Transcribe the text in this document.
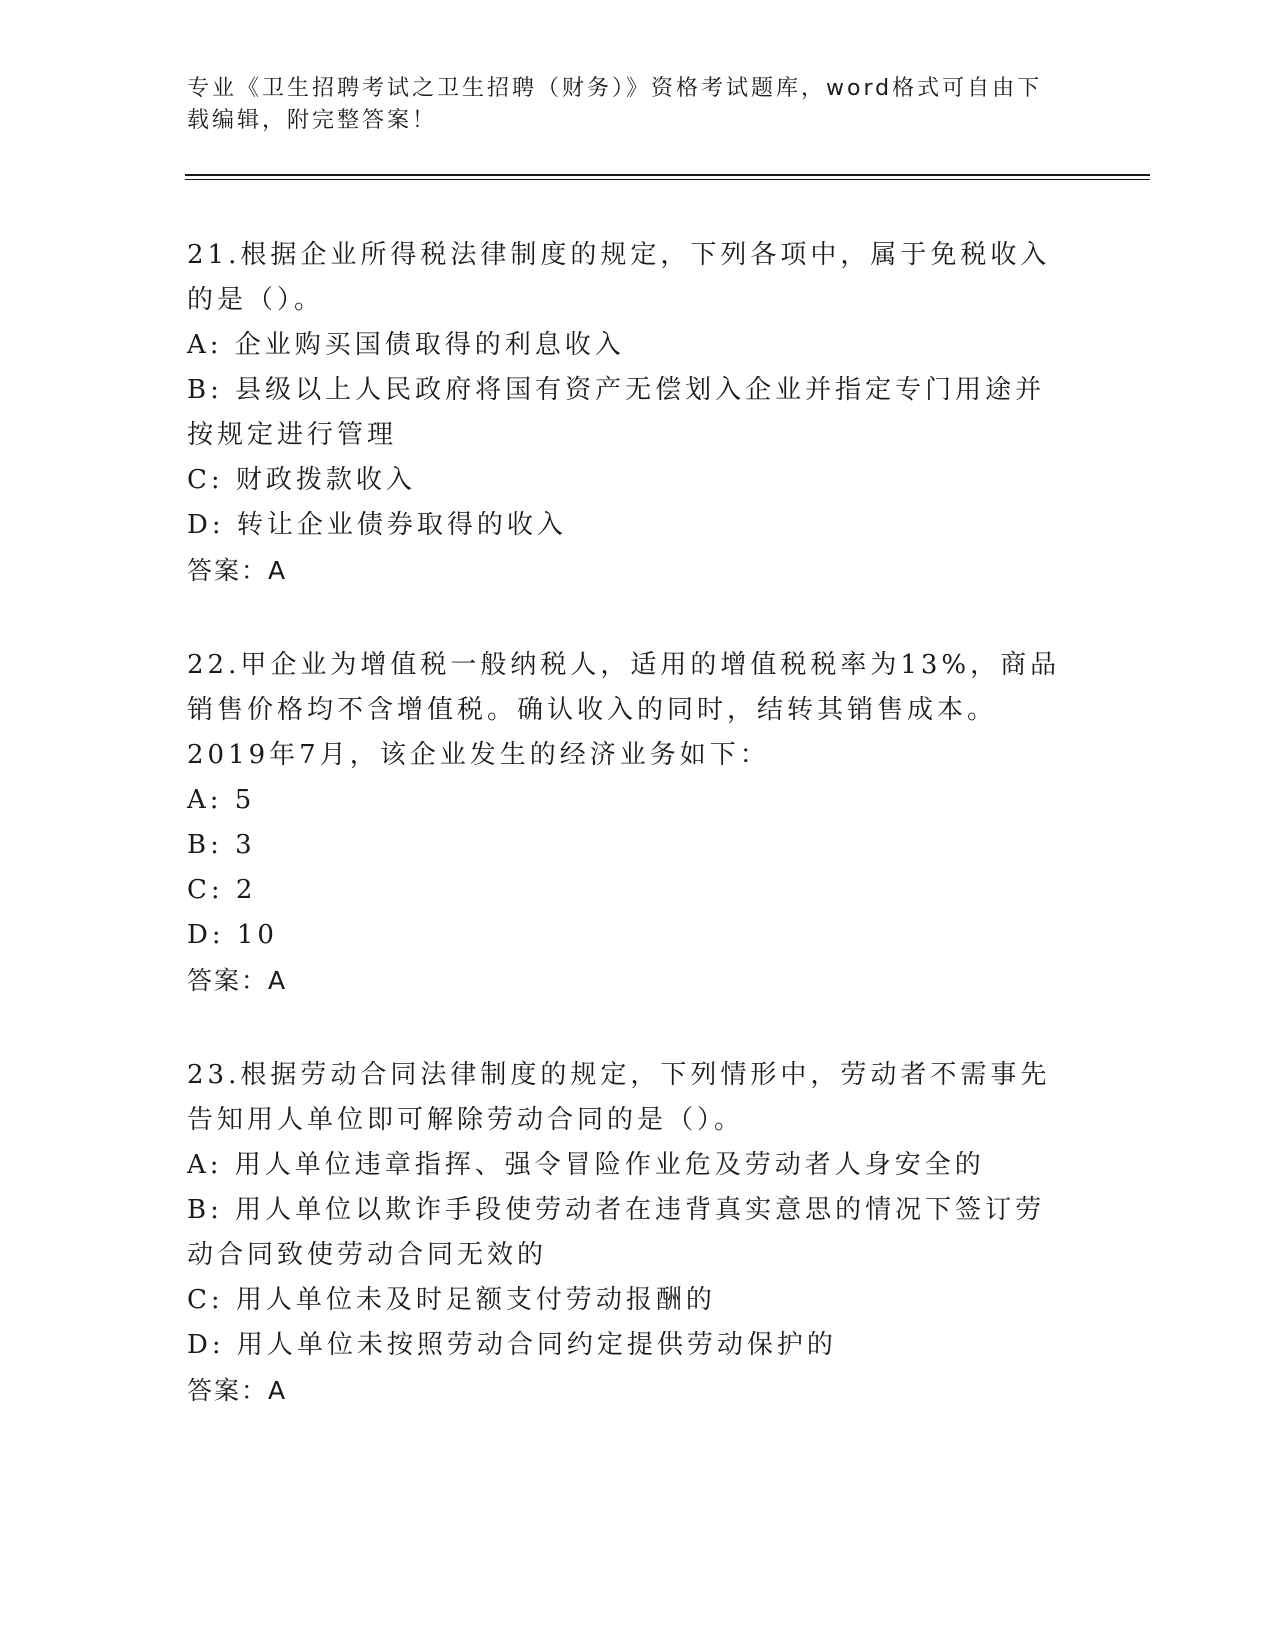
专业《卫生招聘考试之卫生招聘（财务）》资格考试题库，word格式可自由下载编辑，附完整答案！

21.根据企业所得税法律制度的规定，下列各项中，属于免税收入的是（）。

A: 企业购买国债取得的利息收入

B: 县级以上人民政府将国有资产无偿划入企业并指定专门用途并按规定进行管理

C: 财政拨款收入

D: 转让企业债券取得的收入

答案：A

22.甲企业为增值税一般纳税人，适用的增值税税率为13%，商品销售价格均不含增值税。确认收入的同时，结转其销售成本。2019年7月，该企业发生的经济业务如下：

A: 5

B: 3

C: 2

D: 10

答案：A

23.根据劳动合同法律制度的规定，下列情形中，劳动者不需事先告知用人单位即可解除劳动合同的是（）。

A: 用人单位违章指挥、强令冒险作业危及劳动者人身安全的

B: 用人单位以欺诈手段使劳动者在违背真实意思的情况下签订劳动合同致使劳动合同无效的

C: 用人单位未及时足额支付劳动报酬的

D: 用人单位未按照劳动合同约定提供劳动保护的

答案：A
